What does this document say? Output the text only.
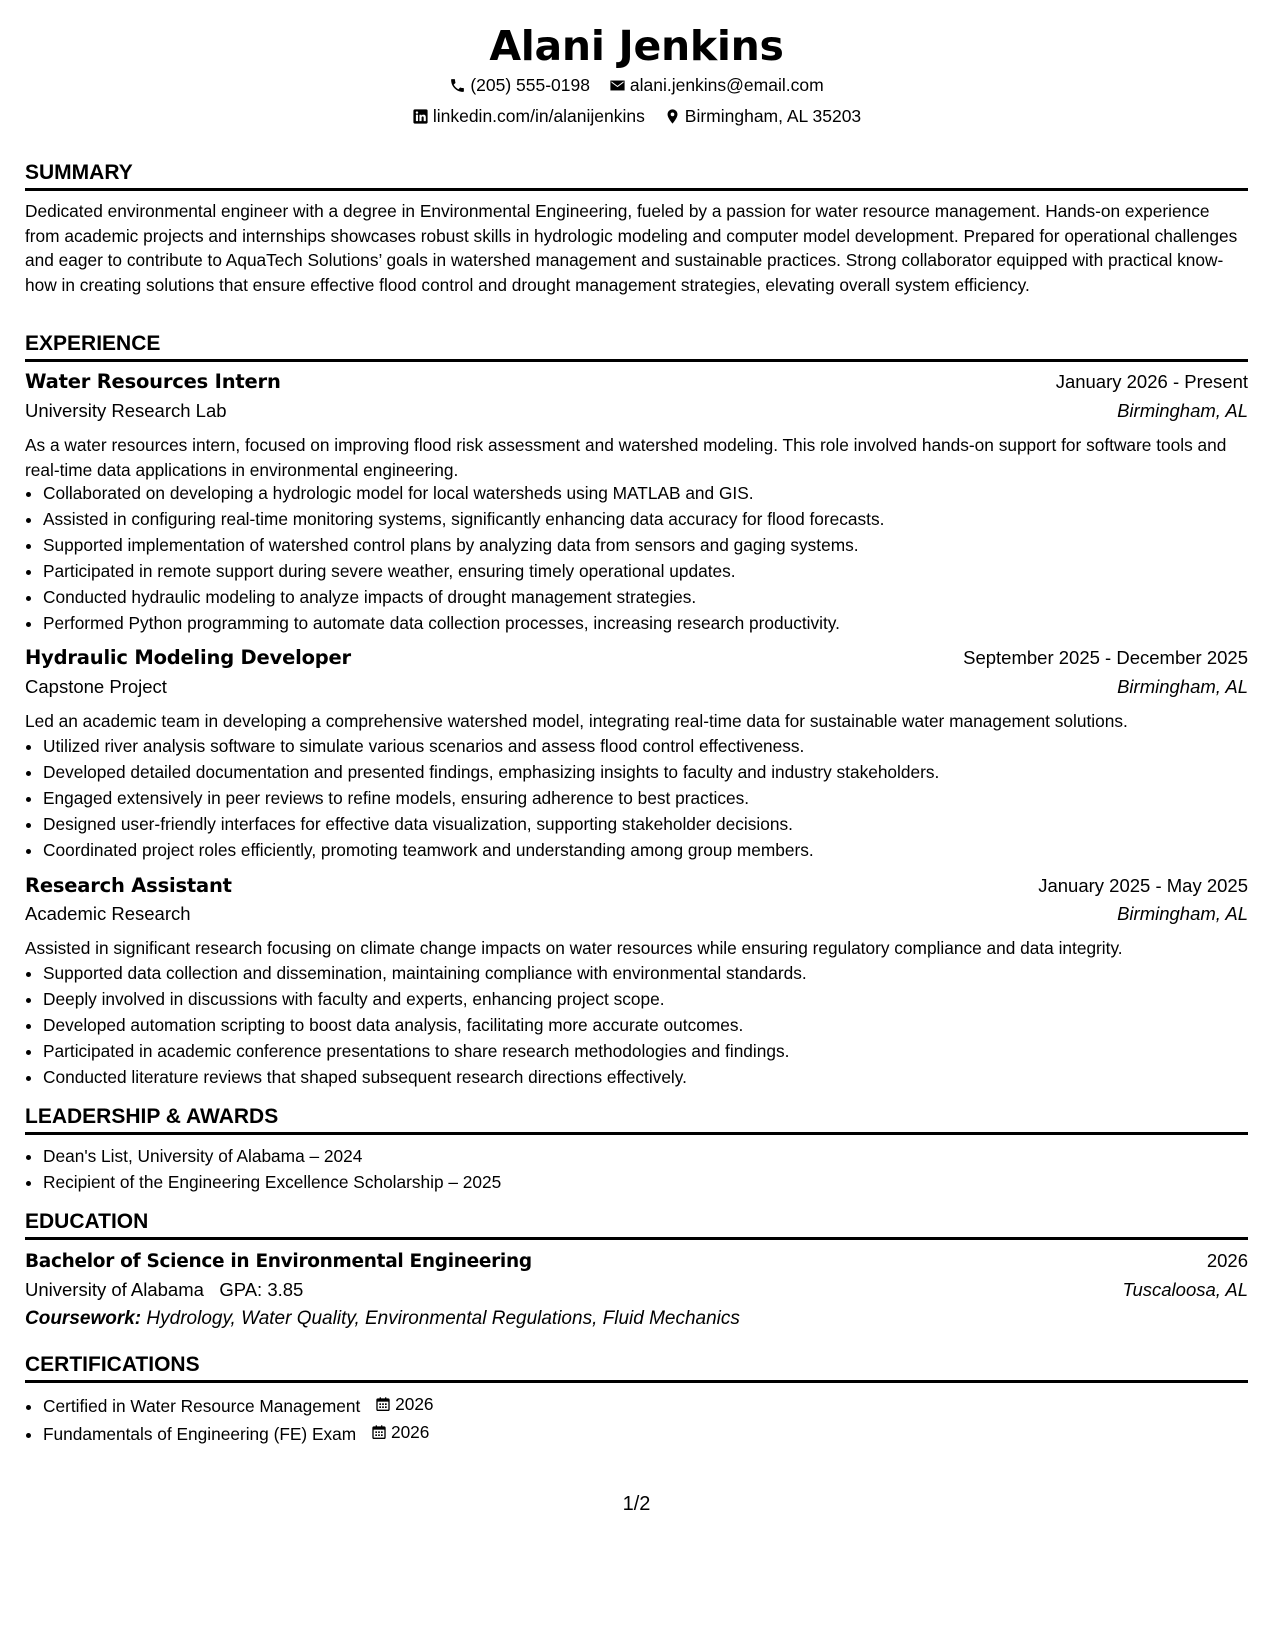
Alani Jenkins
(205) 555-0198
alani.jenkins@email.com
linkedin.com/in/alanijenkins
Birmingham, AL 35203
SUMMARY
Dedicated environmental engineer with a degree in Environmental Engineering, fueled by a passion for water resource management. Hands-on experience from academic projects and internships showcases robust skills in hydrologic modeling and computer model development. Prepared for operational challenges and eager to contribute to AquaTech Solutions’ goals in watershed management and sustainable practices. Strong collaborator equipped with practical know-how in creating solutions that ensure effective flood control and drought management strategies, elevating overall system efficiency.
EXPERIENCE
Water Resources Intern	January 2026 - Present
University Research Lab	Birmingham, AL
As a water resources intern, focused on improving flood risk assessment and watershed modeling. This role involved hands-on support for software tools and real-time data applications in environmental engineering.
• Collaborated on developing a hydrologic model for local watersheds using MATLAB and GIS.
• Assisted in configuring real-time monitoring systems, significantly enhancing data accuracy for flood forecasts.
• Supported implementation of watershed control plans by analyzing data from sensors and gaging systems.
• Participated in remote support during severe weather, ensuring timely operational updates.
• Conducted hydraulic modeling to analyze impacts of drought management strategies.
• Performed Python programming to automate data collection processes, increasing research productivity.
Hydraulic Modeling Developer	September 2025 - December 2025
Capstone Project	Birmingham, AL
Led an academic team in developing a comprehensive watershed model, integrating real-time data for sustainable water management solutions.
• Utilized river analysis software to simulate various scenarios and assess flood control effectiveness.
• Developed detailed documentation and presented findings, emphasizing insights to faculty and industry stakeholders.
• Engaged extensively in peer reviews to refine models, ensuring adherence to best practices.
• Designed user-friendly interfaces for effective data visualization, supporting stakeholder decisions.
• Coordinated project roles efficiently, promoting teamwork and understanding among group members.
Research Assistant	January 2025 - May 2025
Academic Research	Birmingham, AL
Assisted in significant research focusing on climate change impacts on water resources while ensuring regulatory compliance and data integrity.
• Supported data collection and dissemination, maintaining compliance with environmental standards.
• Deeply involved in discussions with faculty and experts, enhancing project scope.
• Developed automation scripting to boost data analysis, facilitating more accurate outcomes.
• Participated in academic conference presentations to share research methodologies and findings.
• Conducted literature reviews that shaped subsequent research directions effectively.
LEADERSHIP & AWARDS
• Dean's List, University of Alabama – 2024
• Recipient of the Engineering Excellence Scholarship – 2025
EDUCATION
Bachelor of Science in Environmental Engineering	2026
University of Alabama GPA: 3.85	Tuscaloosa, AL
Coursework: Hydrology, Water Quality, Environmental Regulations, Fluid Mechanics
CERTIFICATIONS
• Certified in Water Resource Management 2026
• Fundamentals of Engineering (FE) Exam 2026
1/2
